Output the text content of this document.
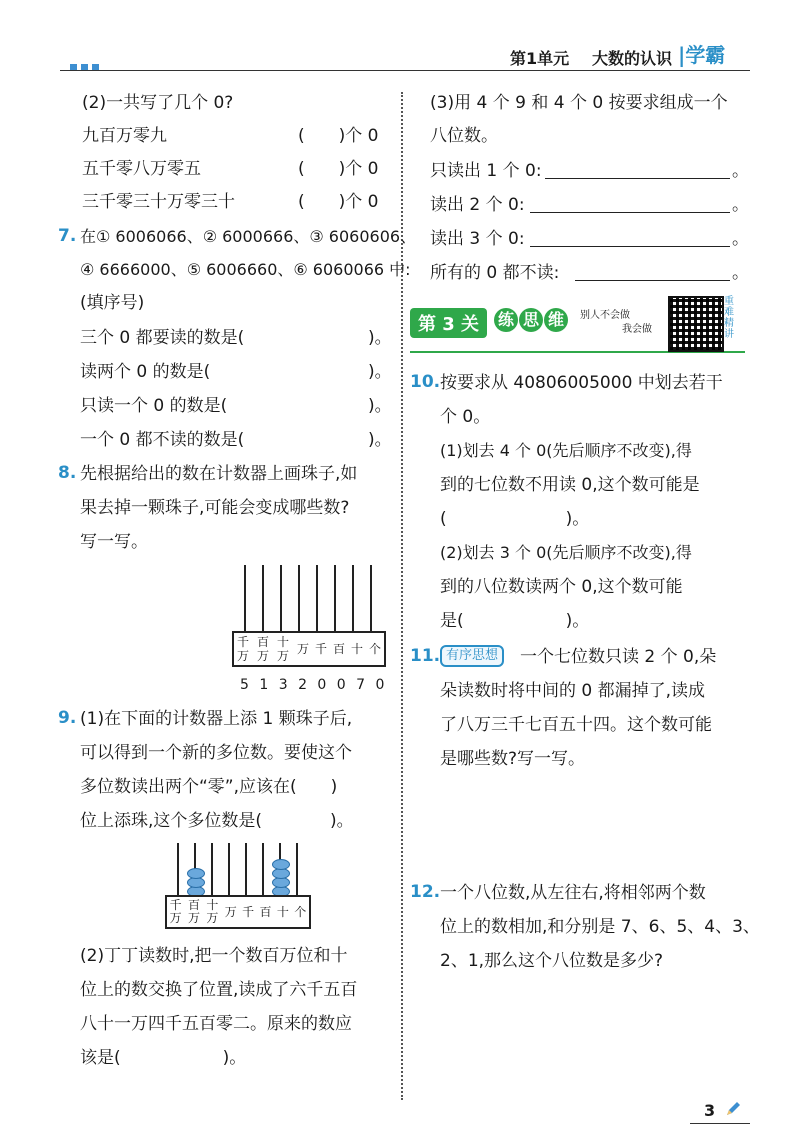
第1单元 大数的认识 |学霸
(2)一共写了几个 0?
九百万零九	(　　)个 0
五千零八万零五	(　　)个 0
三千零三十万零三十	(　　)个 0
7. 在① 6006066、② 6000666、③ 6060606、
④ 6666000、⑤ 6006660、⑥ 6060066 中:
(填序号)
三个 0 都要读的数是(	)。
读两个 0 的数是(	)。
只读一个 0 的数是(	)。
一个 0 都不读的数是(	)。
8. 先根据给出的数在计数器上画珠子,如
果去掉一颗珠子,可能会变成哪些数?
写一写。
千万
百万
十万 万 千 百 十 个
5 1 3 2 0 0 7 0
9. (1)在下面的计数器上添 1 颗珠子后,
可以得到一个新的多位数。要使这个
多位数读出两个“零”,应该在(　　)
位上添珠,这个多位数是(　　　　)。
千万
百万
十万 万 千 百 十 个
(2)丁丁读数时,把一个数百万位和十
位上的数交换了位置,读成了六千五百
八十一万四千五百零二。原来的数应
该是(　　　　　　)。
(3)用 4 个 9 和 4 个 0 按要求组成一个
八位数。
只读出 1 个 0:	。
读出 2 个 0:	。
读出 3 个 0:	。
所有的 0 都不读:	。
第 3 关	练 思 维	别人不会做
我会做
重
难
精
讲
10. 按要求从 40806005000 中划去若干
个 0。
(1)划去 4 个 0(先后顺序不改变),得
到的七位数不用读 0,这个数可能是
(　　　　　　　)。
(2)划去 3 个 0(先后顺序不改变),得
到的八位数读两个 0,这个数可能
是(　　　　　　)。
11. 有序思想	一个七位数只读 2 个 0,朵
朵读数时将中间的 0 都漏掉了,读成
了八万三千七百五十四。这个数可能
是哪些数?写一写。
12. 一个八位数,从左往右,将相邻两个数
位上的数相加,和分别是 7、6、5、4、3、
2、1,那么这个八位数是多少?
3
